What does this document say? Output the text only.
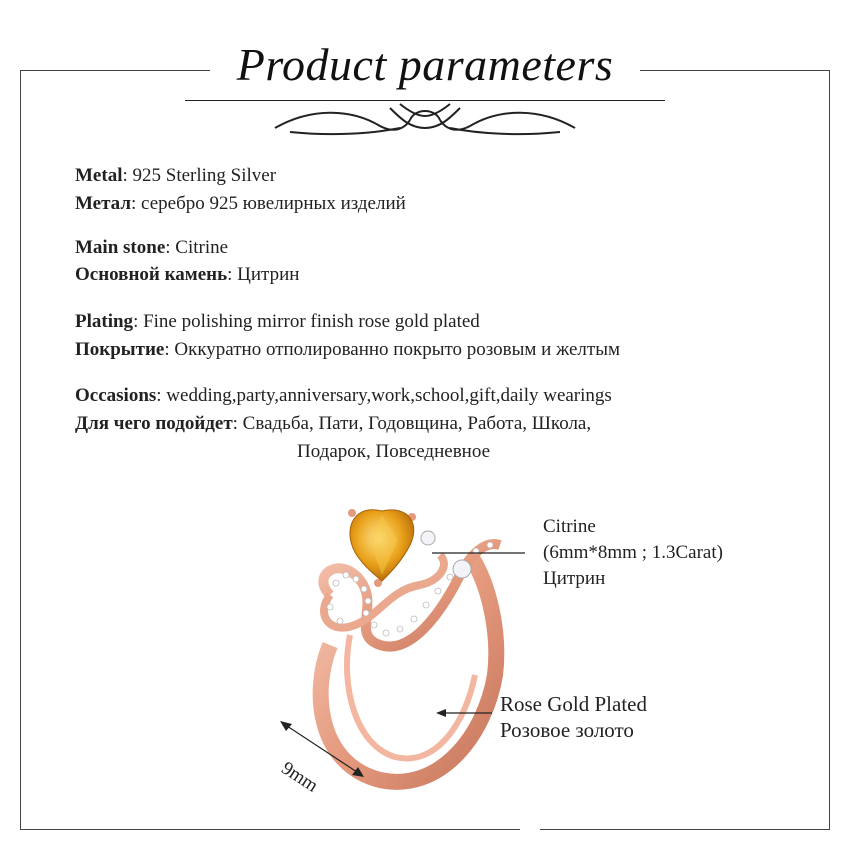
Product parameters
Metal: 925 Sterling Silver
Метал: серебро 925 ювелирных изделий
Main stone: Citrine
Основной камень: Цитрин
Plating: Fine polishing mirror finish rose gold plated
Покрытие: Оккуратно отполированно покрыто розовым и желтым
Occasions: wedding,party,anniversary,work,school,gift,daily wearings
Для чего подойдет: Свадьба, Пати, Годовщина, Работа, Школа,
Подарок, Повседневное
Citrine
(6mm*8mm ; 1.3Carat)
Цитрин
Rose Gold Plated
Розовое золото
9mm
